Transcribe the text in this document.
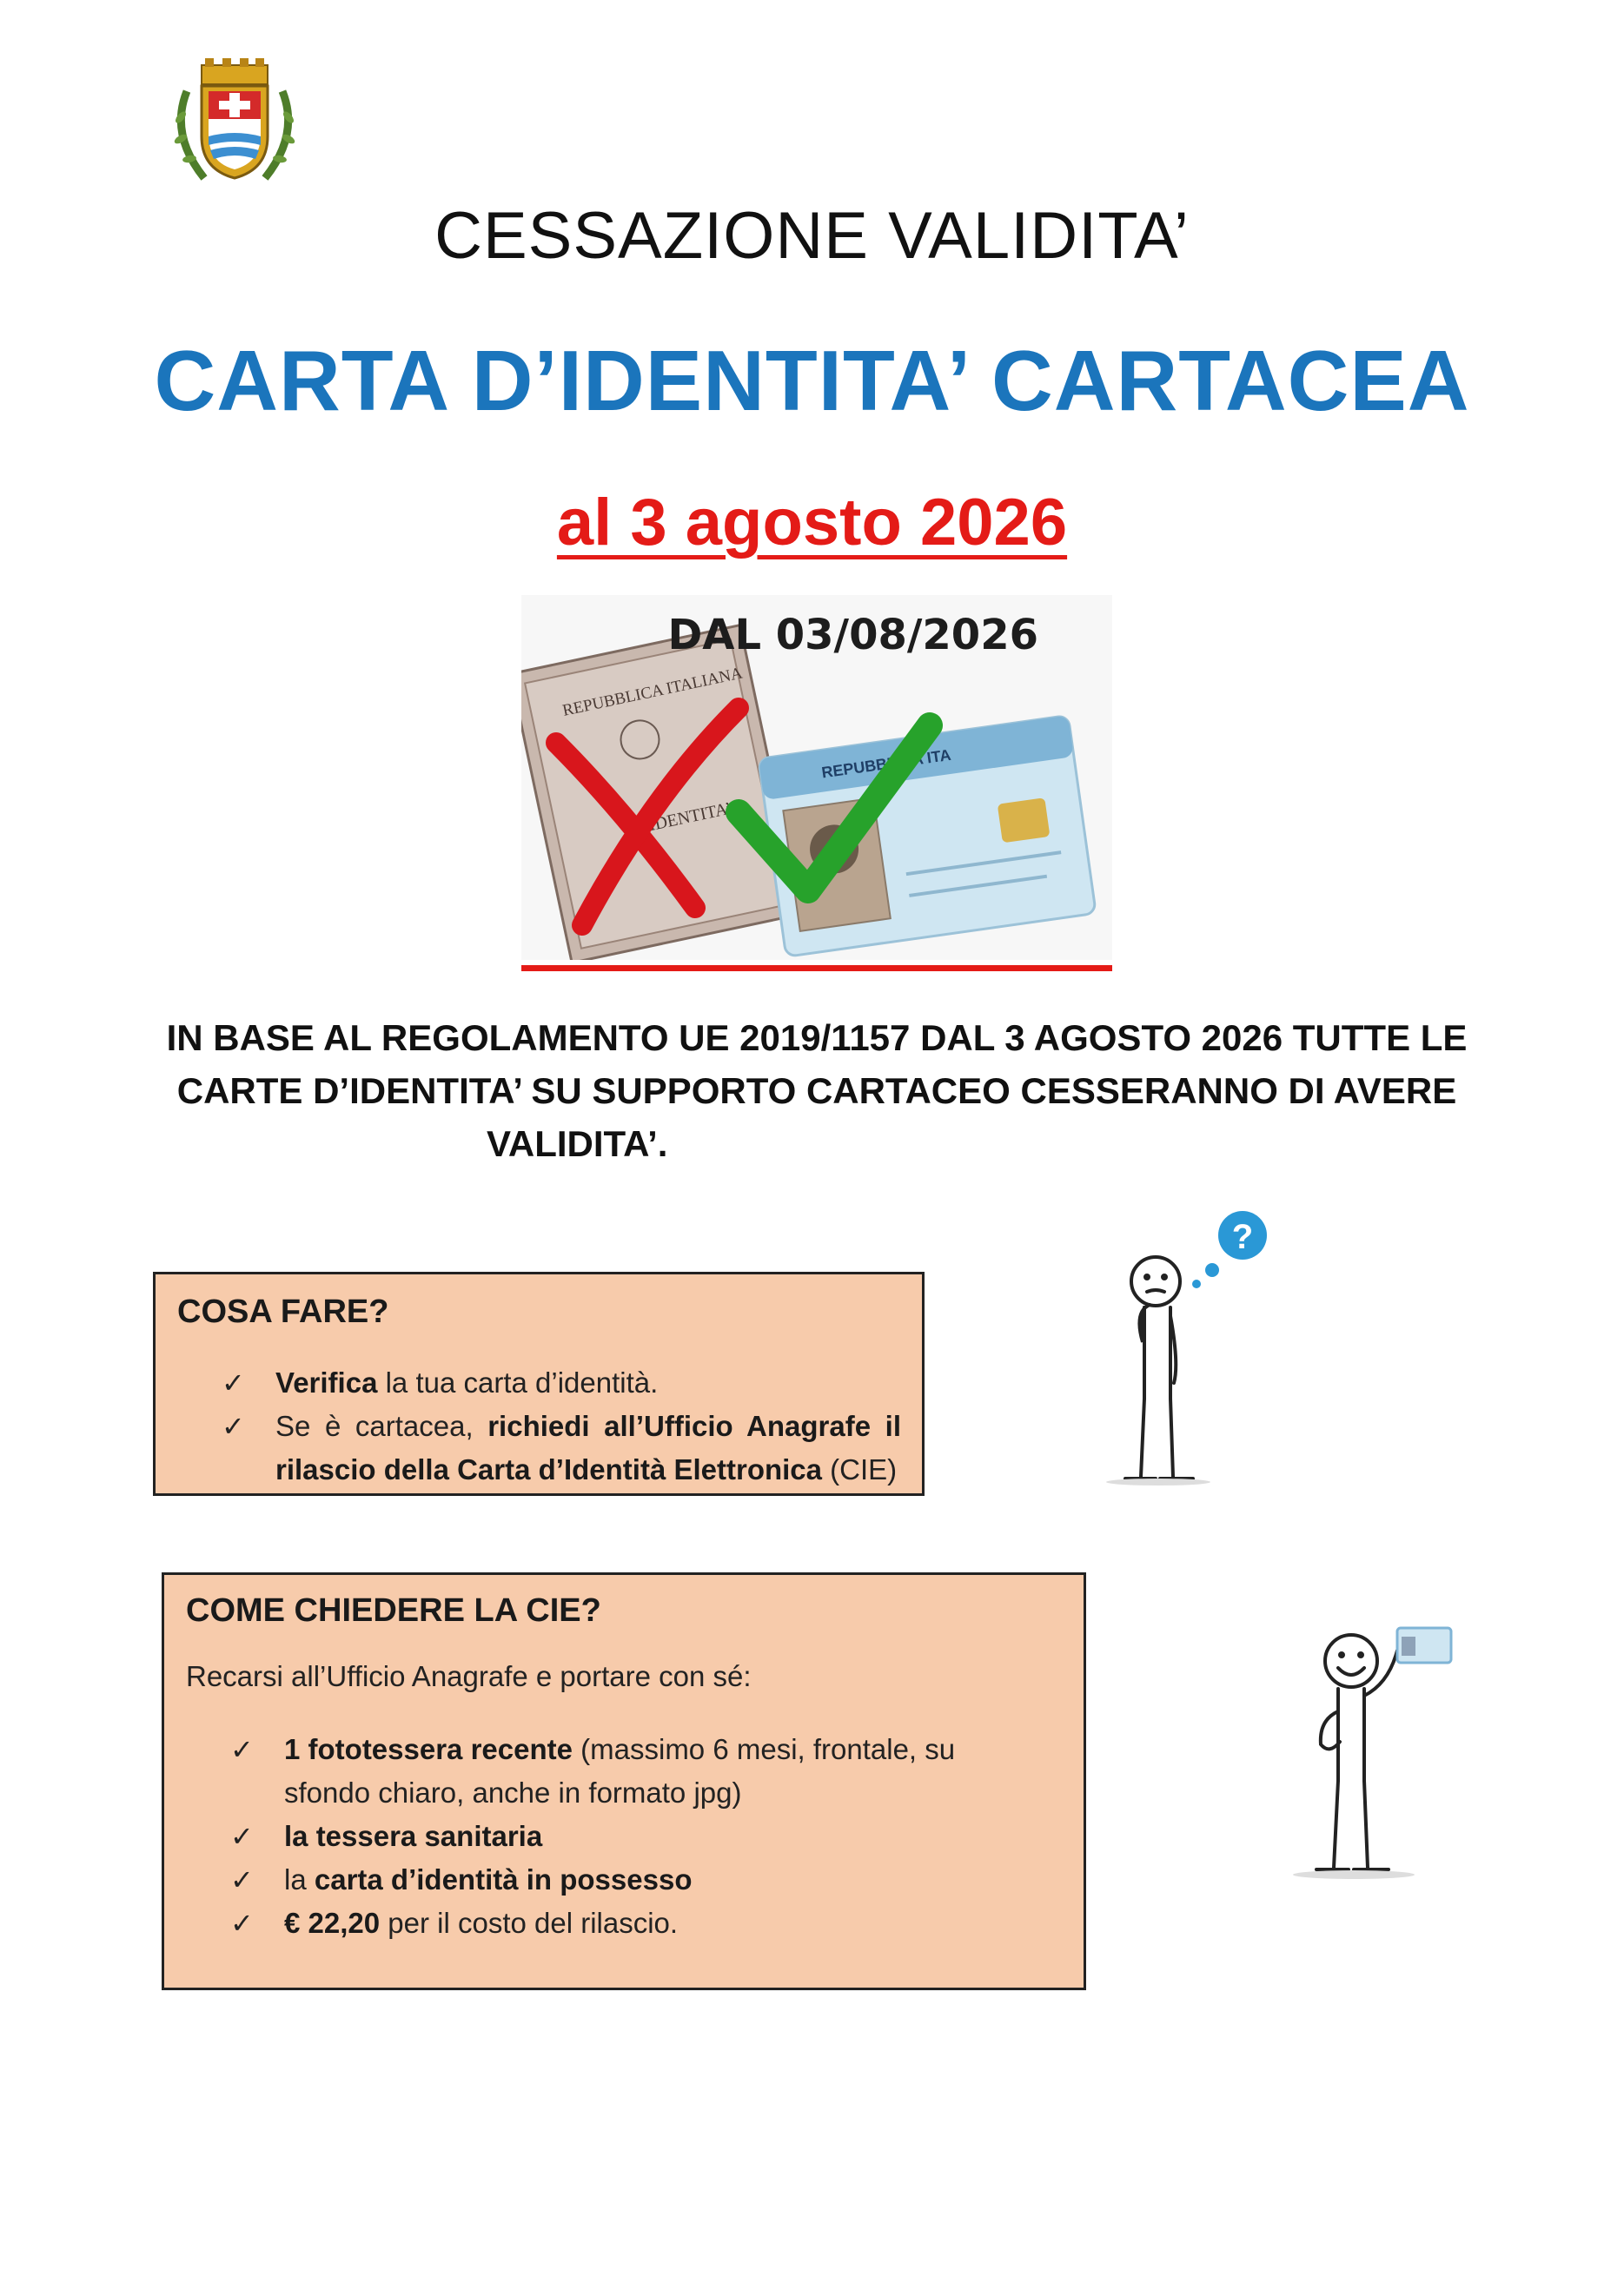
CESSAZIONE VALIDITA’
CARTA D’IDENTITA’ CARTACEA
al 3 agosto 2026
REPUBBLICA ITALIANA
IDENTITA’
REPUBBLICA ITA
DAL 03/08/2026
IN BASE AL REGOLAMENTO UE 2019/1157 DAL 3 AGOSTO 2026 TUTTE LE
CARTE D’IDENTITA’ SU SUPPORTO CARTACEO CESSERANNO DI AVERE

VALIDITA’.
COSA FARE?
✓ Verifica la tua carta d’identità.
✓ Se è cartacea, richiedi all’Ufficio Anagrafe il rilascio della Carta d’Identità Elettronica (CIE)
?
COME CHIEDERE LA CIE?
Recarsi all’Ufficio Anagrafe e portare con sé:
✓ 1 fototessera recente (massimo 6 mesi, frontale, su sfondo chiaro, anche in formato jpg)
✓ la tessera sanitaria
✓ la carta d’identità in possesso
✓ € 22,20 per il costo del rilascio.
